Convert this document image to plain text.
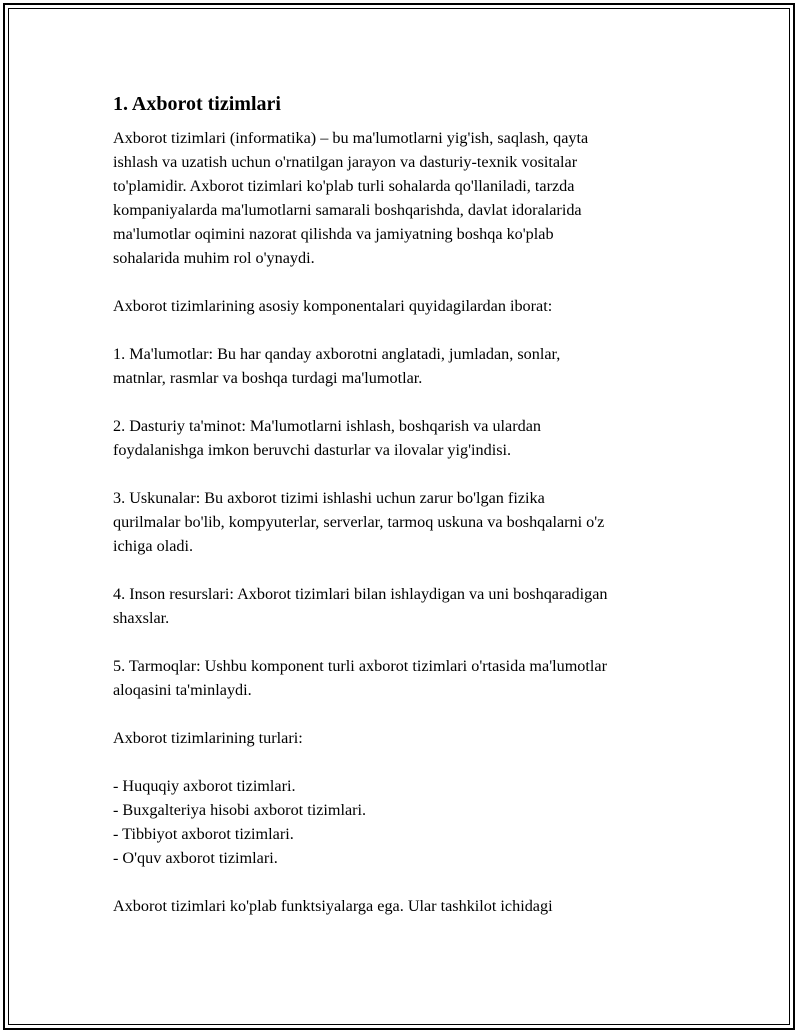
1. Axborot tizimlari

Axborot tizimlari (informatika) – bu ma'lumotlarni yig'ish, saqlash, qayta
ishlash va uzatish uchun o'rnatilgan jarayon va dasturiy-texnik vositalar
to'plamidir. Axborot tizimlari ko'plab turli sohalarda qo'llaniladi, tarzda
kompaniyalarda ma'lumotlarni samarali boshqarishda, davlat idoralarida
ma'lumotlar oqimini nazorat qilishda va jamiyatning boshqa ko'plab
sohalarida muhim rol o'ynaydi.

Axborot tizimlarining asosiy komponentalari quyidagilardan iborat:

1. Ma'lumotlar: Bu har qanday axborotni anglatadi, jumladan, sonlar,
matnlar, rasmlar va boshqa turdagi ma'lumotlar.

2. Dasturiy ta'minot: Ma'lumotlarni ishlash, boshqarish va ulardan
foydalanishga imkon beruvchi dasturlar va ilovalar yig'indisi.

3. Uskunalar: Bu axborot tizimi ishlashi uchun zarur bo'lgan fizika
qurilmalar bo'lib, kompyuterlar, serverlar, tarmoq uskuna va boshqalarni o'z
ichiga oladi.

4. Inson resurslari: Axborot tizimlari bilan ishlaydigan va uni boshqaradigan
shaxslar.

5. Tarmoqlar: Ushbu komponent turli axborot tizimlari o'rtasida ma'lumotlar
aloqasini ta'minlaydi.

Axborot tizimlarining turlari:

- Huquqiy axborot tizimlari.
- Buxgalteriya hisobi axborot tizimlari.
- Tibbiyot axborot tizimlari.
- O'quv axborot tizimlari.

Axborot tizimlari ko'plab funktsiyalarga ega. Ular tashkilot ichidagi
